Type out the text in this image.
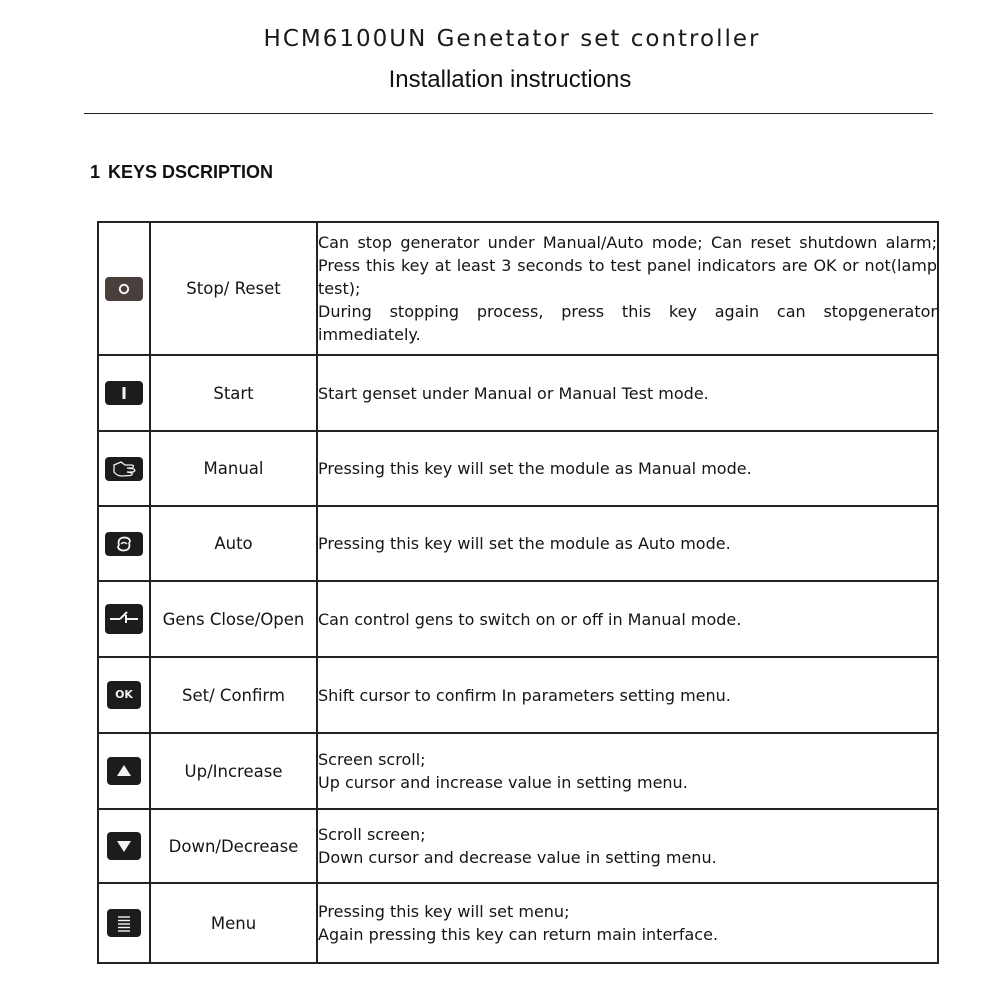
HCM6100UN Genetator set controller
Installation instructions
1 KEYS DSCRIPTION
	Stop/ Reset	Can stop generator under Manual/Auto mode; Can reset shutdown alarm; Press this key at least 3 seconds to test panel indicators are OK or not(lamp test);
During stopping process, press this key again can stopgenerator immediately.

	Start	Start genset under Manual or Manual Test mode.

	Manual	Pressing this key will set the module as Manual mode.

	Auto	Pressing this key will set the module as Auto mode.

	Gens Close/Open	Can control gens to switch on or off in Manual mode.

OK	Set/ Confirm	Shift cursor to confirm In parameters setting menu.

	Up/Increase	Screen scroll;
Up cursor and increase value in setting menu.

	Down/Decrease	Scroll screen;
Down cursor and decrease value in setting menu.

	Menu	Pressing this key will set menu;
Again pressing this key can return main interface.
